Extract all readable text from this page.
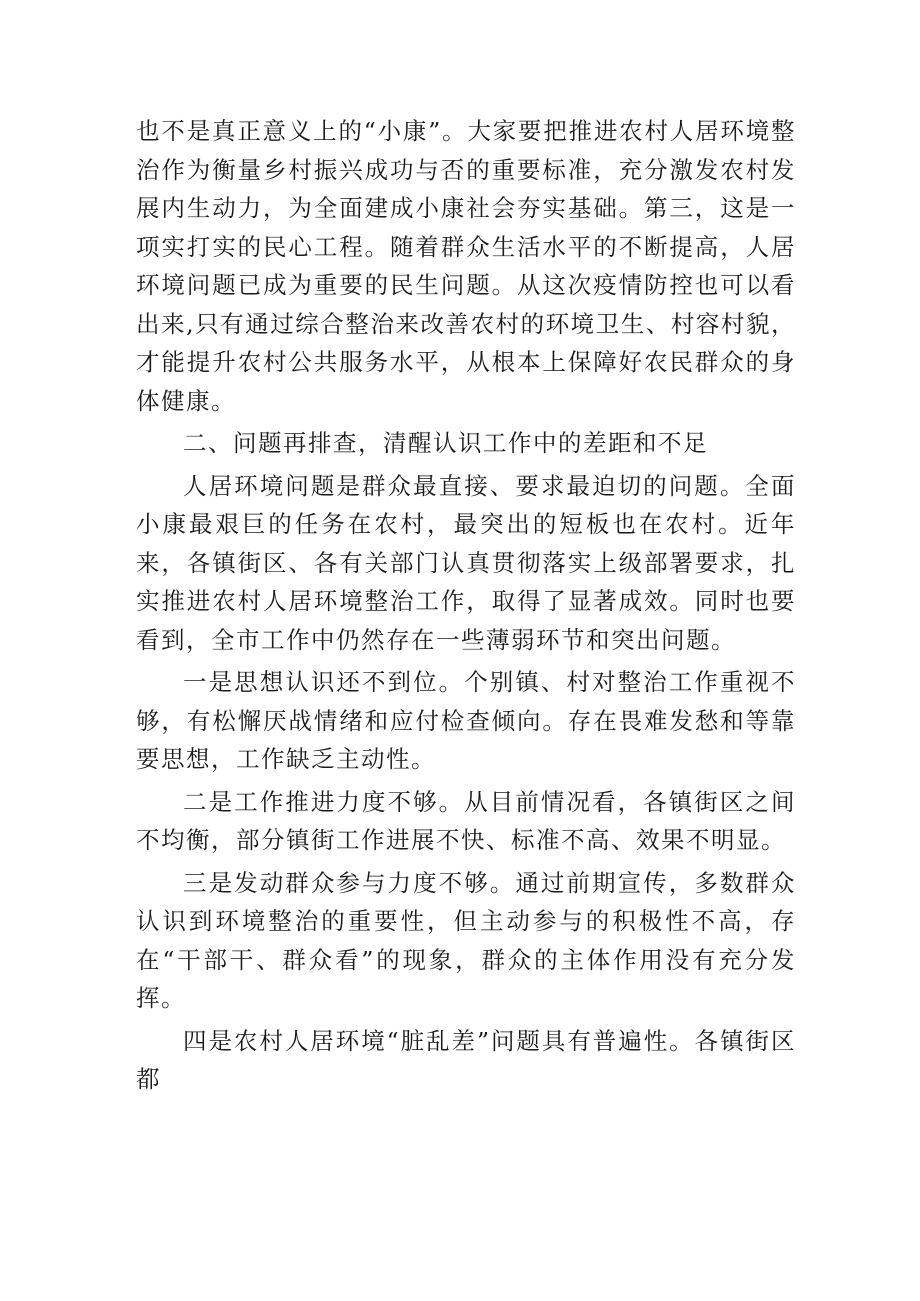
也不是真正意义上的“小康”。大家要把推进农村人居环境整治作为衡量乡村振兴成功与否的重要标准，充分激发农村发展内生动力，为全面建成小康社会夯实基础。第三，这是一项实打实的民心工程。随着群众生活水平的不断提高，人居环境问题已成为重要的民生问题。从这次疫情防控也可以看出来,只有通过综合整治来改善农村的环境卫生、村容村貌，才能提升农村公共服务水平，从根本上保障好农民群众的身体健康。

二、问题再排查，清醒认识工作中的差距和不足

人居环境问题是群众最直接、要求最迫切的问题。全面小康最艰巨的任务在农村，最突出的短板也在农村。近年来，各镇街区、各有关部门认真贯彻落实上级部署要求，扎实推进农村人居环境整治工作，取得了显著成效。同时也要看到，全市工作中仍然存在一些薄弱环节和突出问题。

一是思想认识还不到位。个别镇、村对整治工作重视不够，有松懈厌战情绪和应付检查倾向。存在畏难发愁和等靠要思想，工作缺乏主动性。

二是工作推进力度不够。从目前情况看，各镇街区之间不均衡，部分镇街工作进展不快、标准不高、效果不明显。

三是发动群众参与力度不够。通过前期宣传，多数群众认识到环境整治的重要性，但主动参与的积极性不高，存在“干部干、群众看”的现象，群众的主体作用没有充分发挥。

四是农村人居环境“脏乱差”问题具有普遍性。各镇街区都
